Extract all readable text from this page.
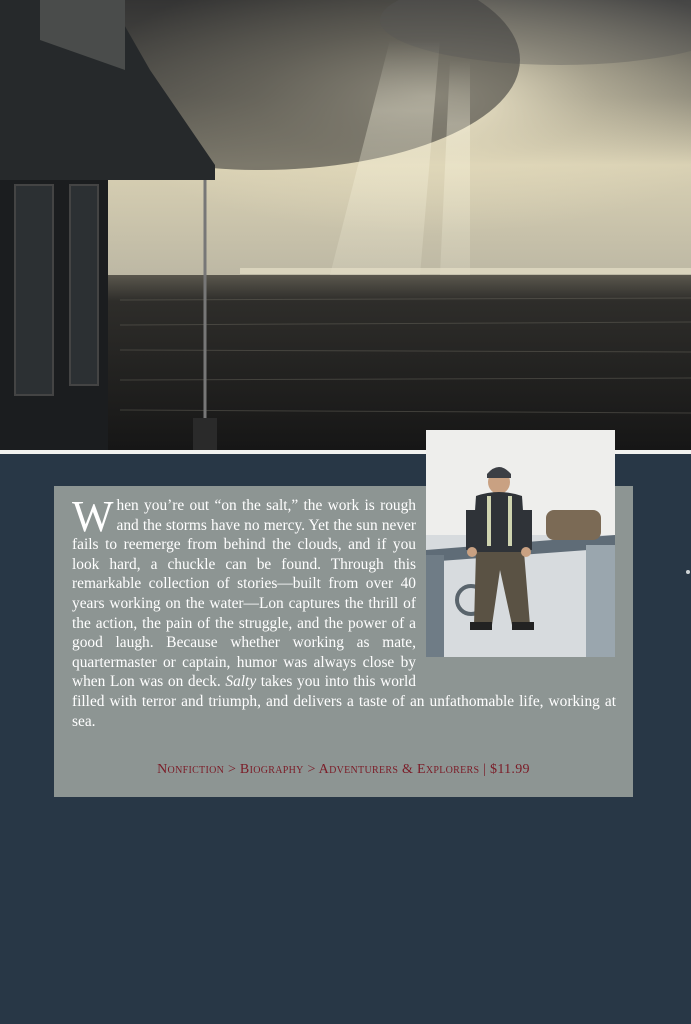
When you’re out “on the salt,” the work is rough and the storms have no mercy. Yet the sun never fails to reemerge from behind the clouds, and if you look hard, a chuckle can be found. Through this remarkable collection of stories—built from over 40 years working on the water—Lon captures the thrill of the action, the pain of the struggle, and the power of a good laugh. Because whether working as mate, quartermaster or captain, humor was always close by when Lon was on deck. Salty takes you into this world filled with terror and triumph, and delivers a taste of an unfathomable life, working at sea.
Nonfiction > Biography > Adventurers & Explorers | $11.99
